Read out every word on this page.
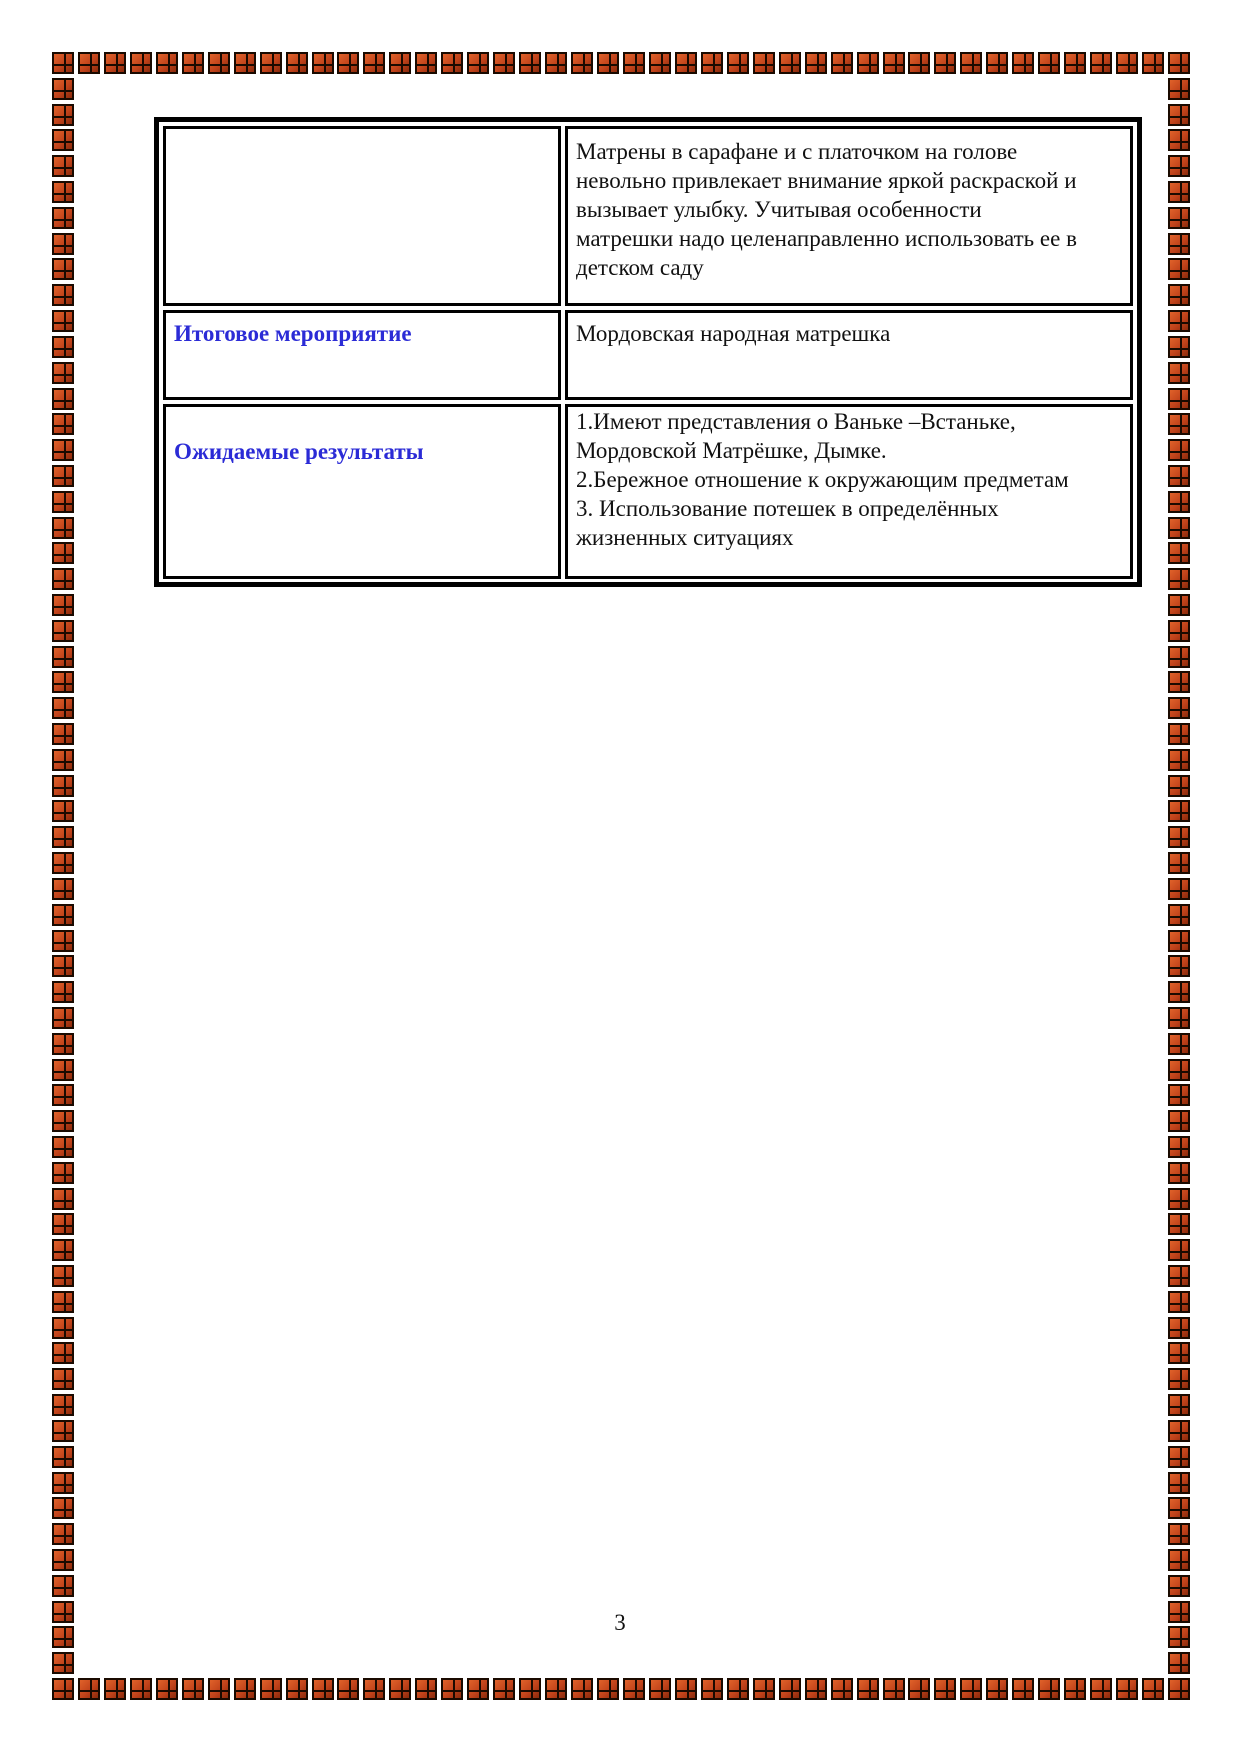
Матрены в сарафане и с платочком на голове
невольно привлекает внимание яркой раскраской и
вызывает улыбку. Учитывая особенности
матрешки надо целенаправленно использовать ее в
детском саду
Итоговое мероприятие	Мордовская народная матрешка
Ожидаемые результаты
1.Имеют представления о Ваньке –Встаньке,
Мордовской Матрёшке, Дымке.
2.Бережное отношение к окружающим предметам
3. Использование потешек в определённых
жизненных ситуациях
3
